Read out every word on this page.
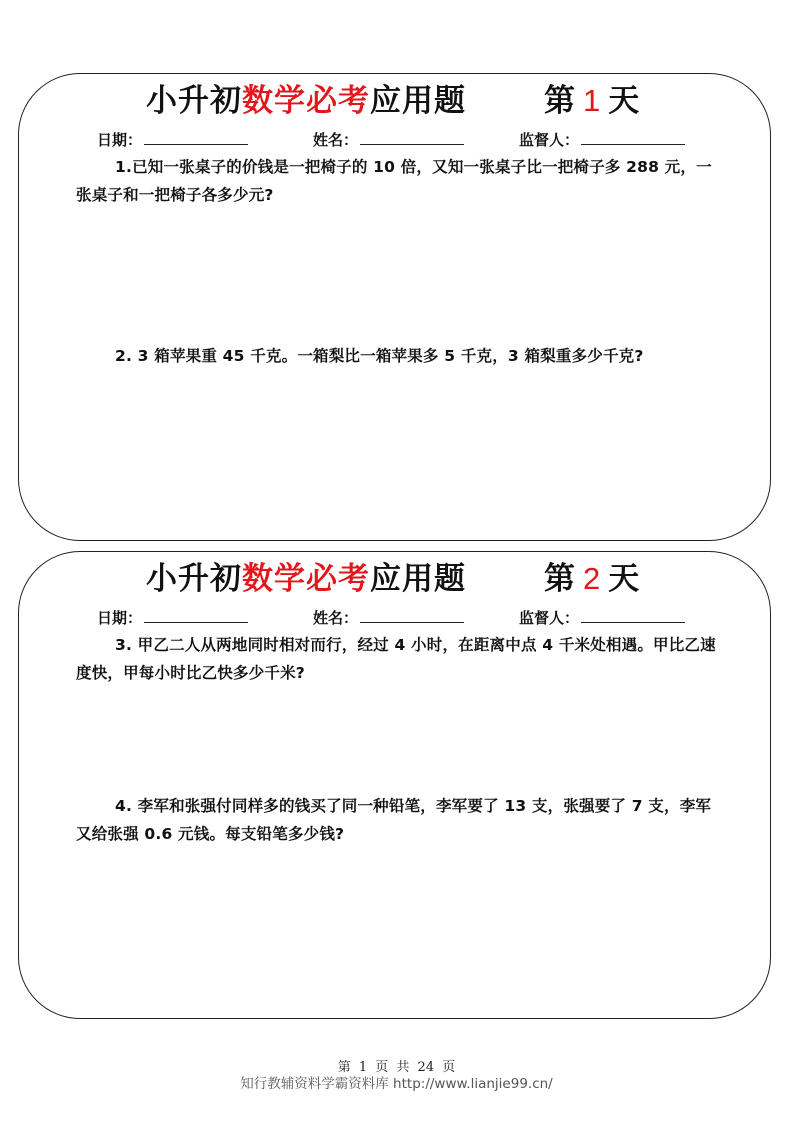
小升初数学必考应用题	第 1 天
日期：	姓名：	监督人：
1.已知一张桌子的价钱是一把椅子的 10 倍，又知一张桌子比一把椅子多 288 元，一张桌子和一把椅子各多少元?
2. 3 箱苹果重 45 千克。一箱梨比一箱苹果多 5 千克，3 箱梨重多少千克?
小升初数学必考应用题	第 2 天
日期：	姓名：	监督人：
3. 甲乙二人从两地同时相对而行，经过 4 小时，在距离中点 4 千米处相遇。甲比乙速度快，甲每小时比乙快多少千米?
4. 李军和张强付同样多的钱买了同一种铅笔，李军要了 13 支，张强要了 7 支，李军又给张强 0.6 元钱。每支铅笔多少钱?
第 1 页 共 24 页
知行教辅资料学霸资料库 http://www.lianjie99.cn/
